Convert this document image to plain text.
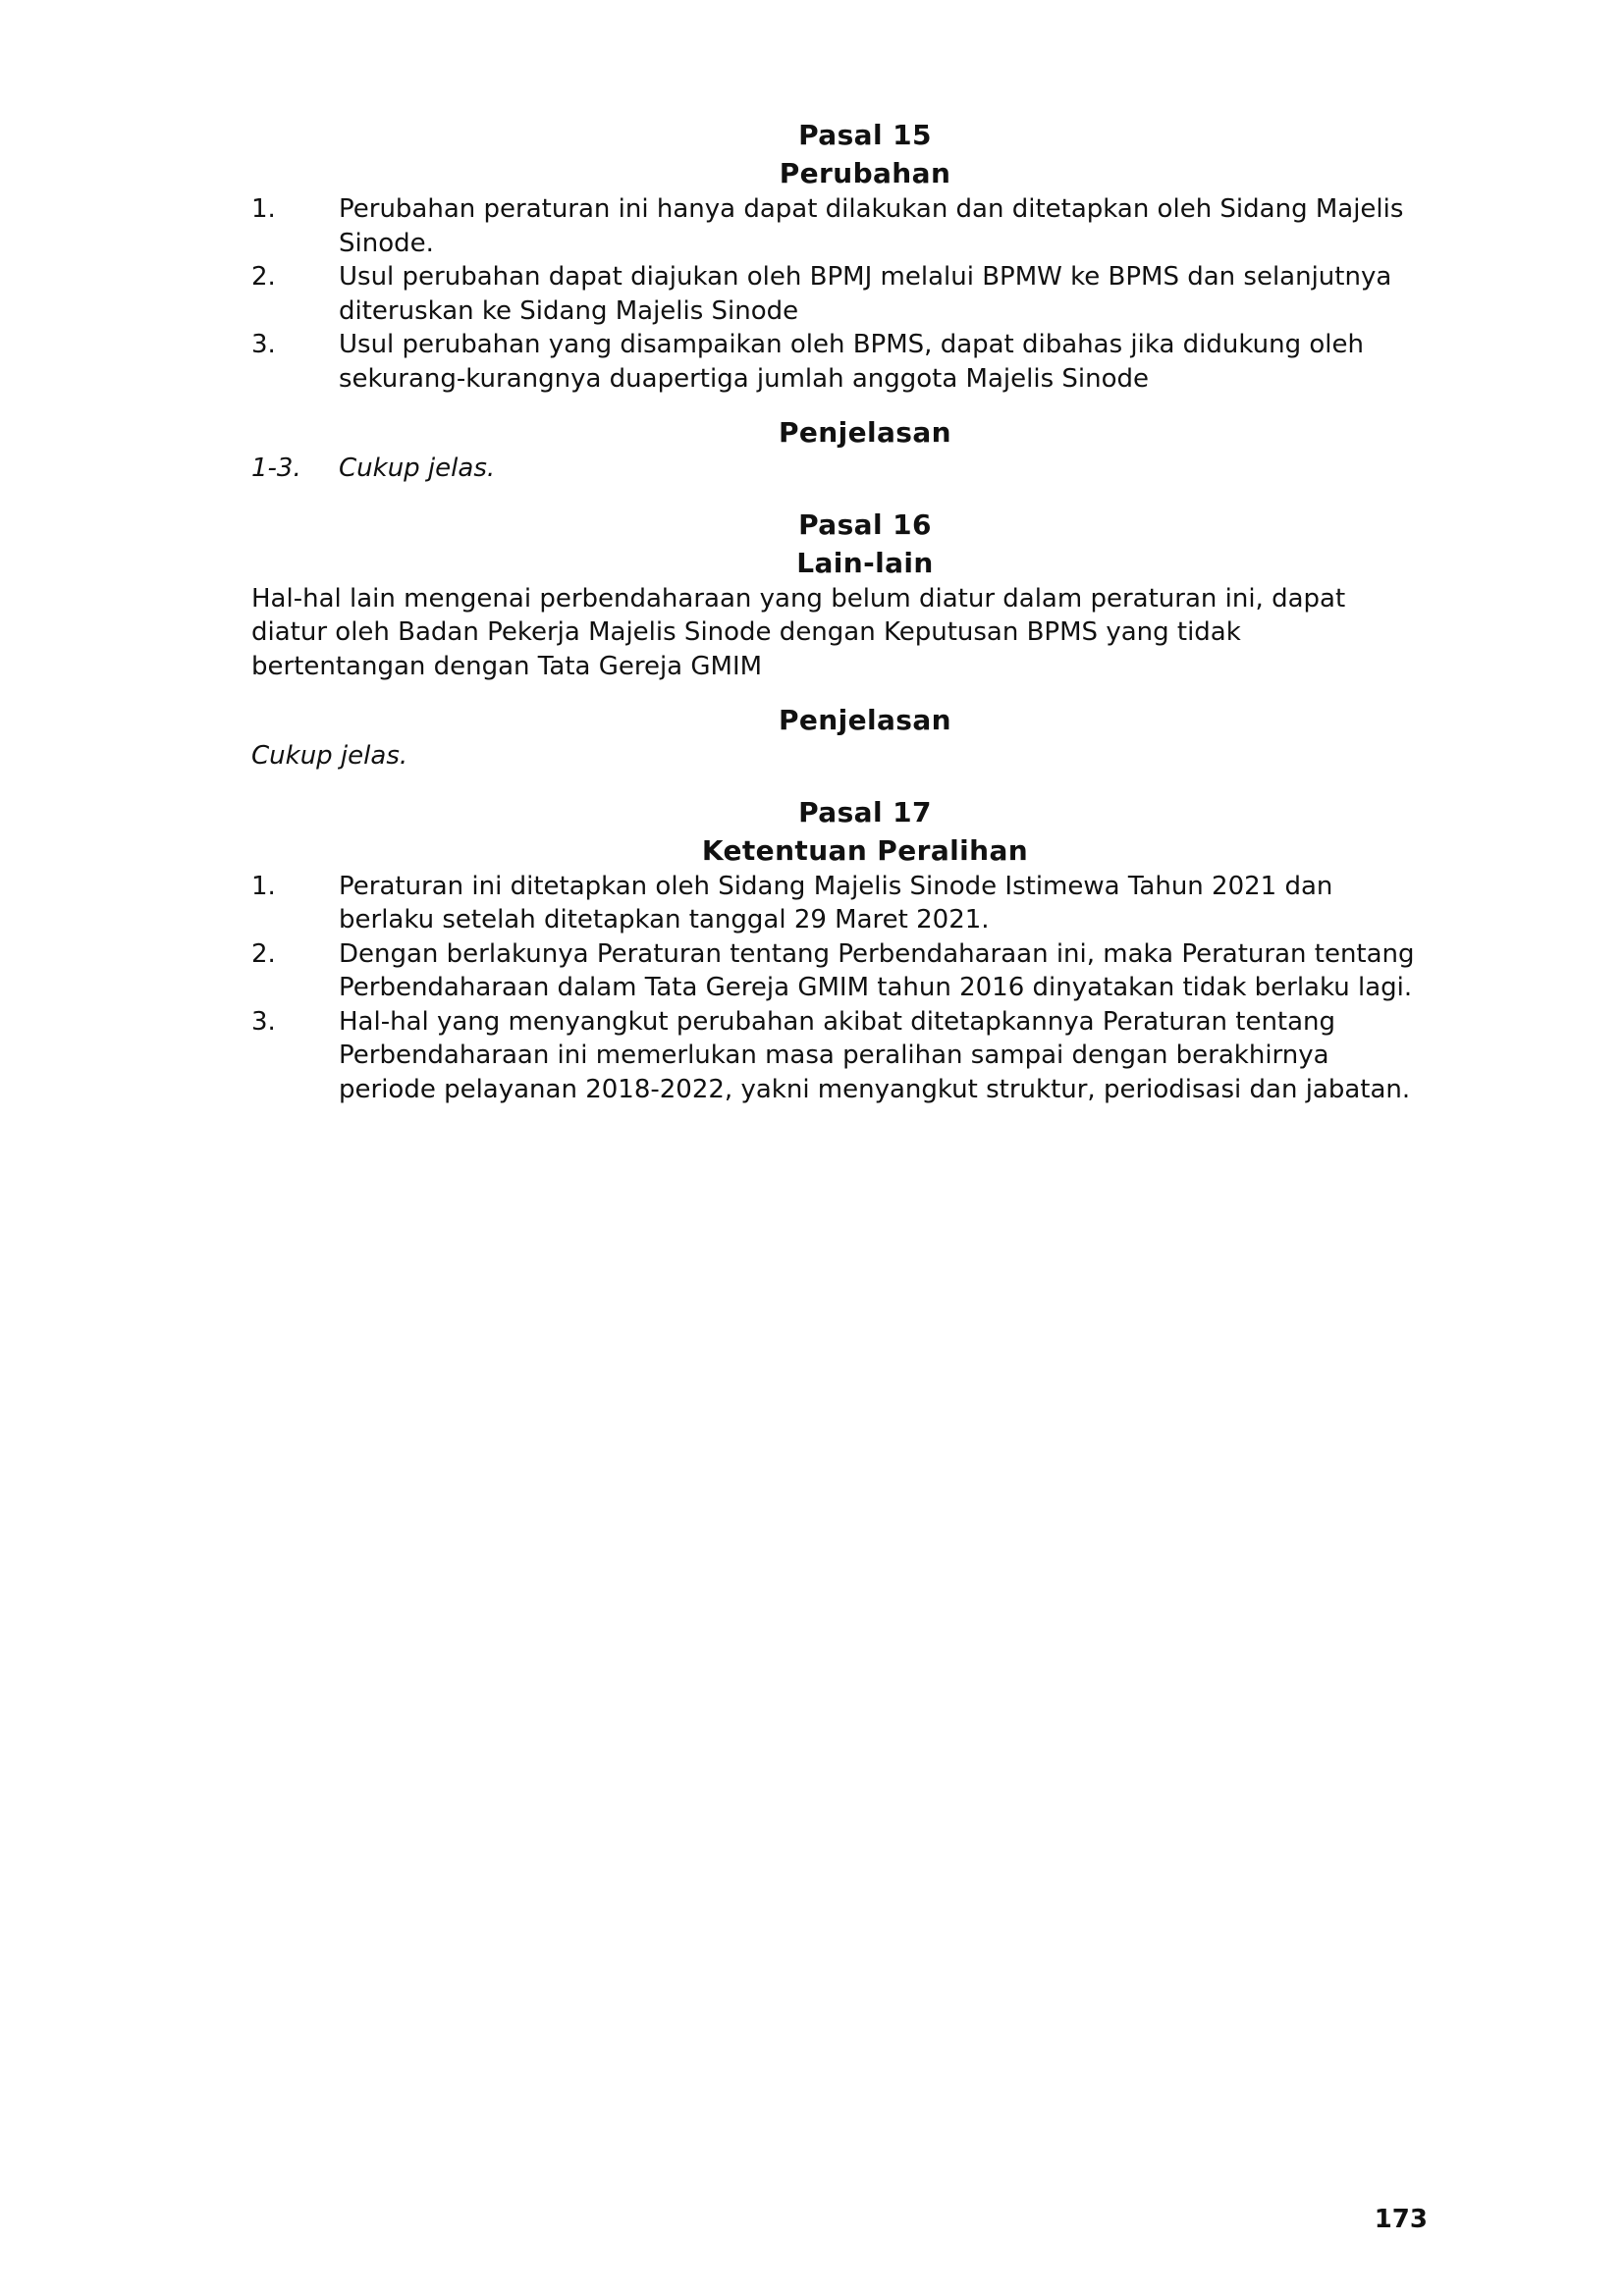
Pasal 15
Perubahan
1.	Perubahan peraturan ini hanya dapat dilakukan dan ditetapkan oleh Sidang Majelis Sinode.
2.	Usul perubahan dapat diajukan oleh BPMJ melalui BPMW ke BPMS dan selanjutnya diteruskan ke Sidang Majelis Sinode
3.	Usul perubahan yang disampaikan oleh BPMS, dapat dibahas jika didukung oleh sekurang-kurangnya duapertiga jumlah anggota Majelis Sinode
Penjelasan
1-3.	Cukup jelas.
Pasal 16
Lain-lain

Hal-hal lain mengenai perbendaharaan yang belum diatur dalam peraturan ini, dapat diatur oleh Badan Pekerja Majelis Sinode dengan Keputusan BPMS yang tidak bertentangan dengan Tata Gereja GMIM

Penjelasan

Cukup jelas.

Pasal 17
Ketentuan Peralihan
1.	Peraturan ini ditetapkan oleh Sidang Majelis Sinode Istimewa Tahun 2021 dan berlaku setelah ditetapkan tanggal 29 Maret 2021.
2.	Dengan berlakunya Peraturan tentang Perbendaharaan ini, maka Peraturan tentang Perbendaharaan dalam Tata Gereja GMIM tahun 2016 dinyatakan tidak berlaku lagi.
3.	Hal-hal yang menyangkut perubahan akibat ditetapkannya Peraturan tentang Perbendaharaan ini memerlukan masa peralihan sampai dengan berakhirnya periode pelayanan 2018-2022, yakni menyangkut struktur, periodisasi dan jabatan.
173
